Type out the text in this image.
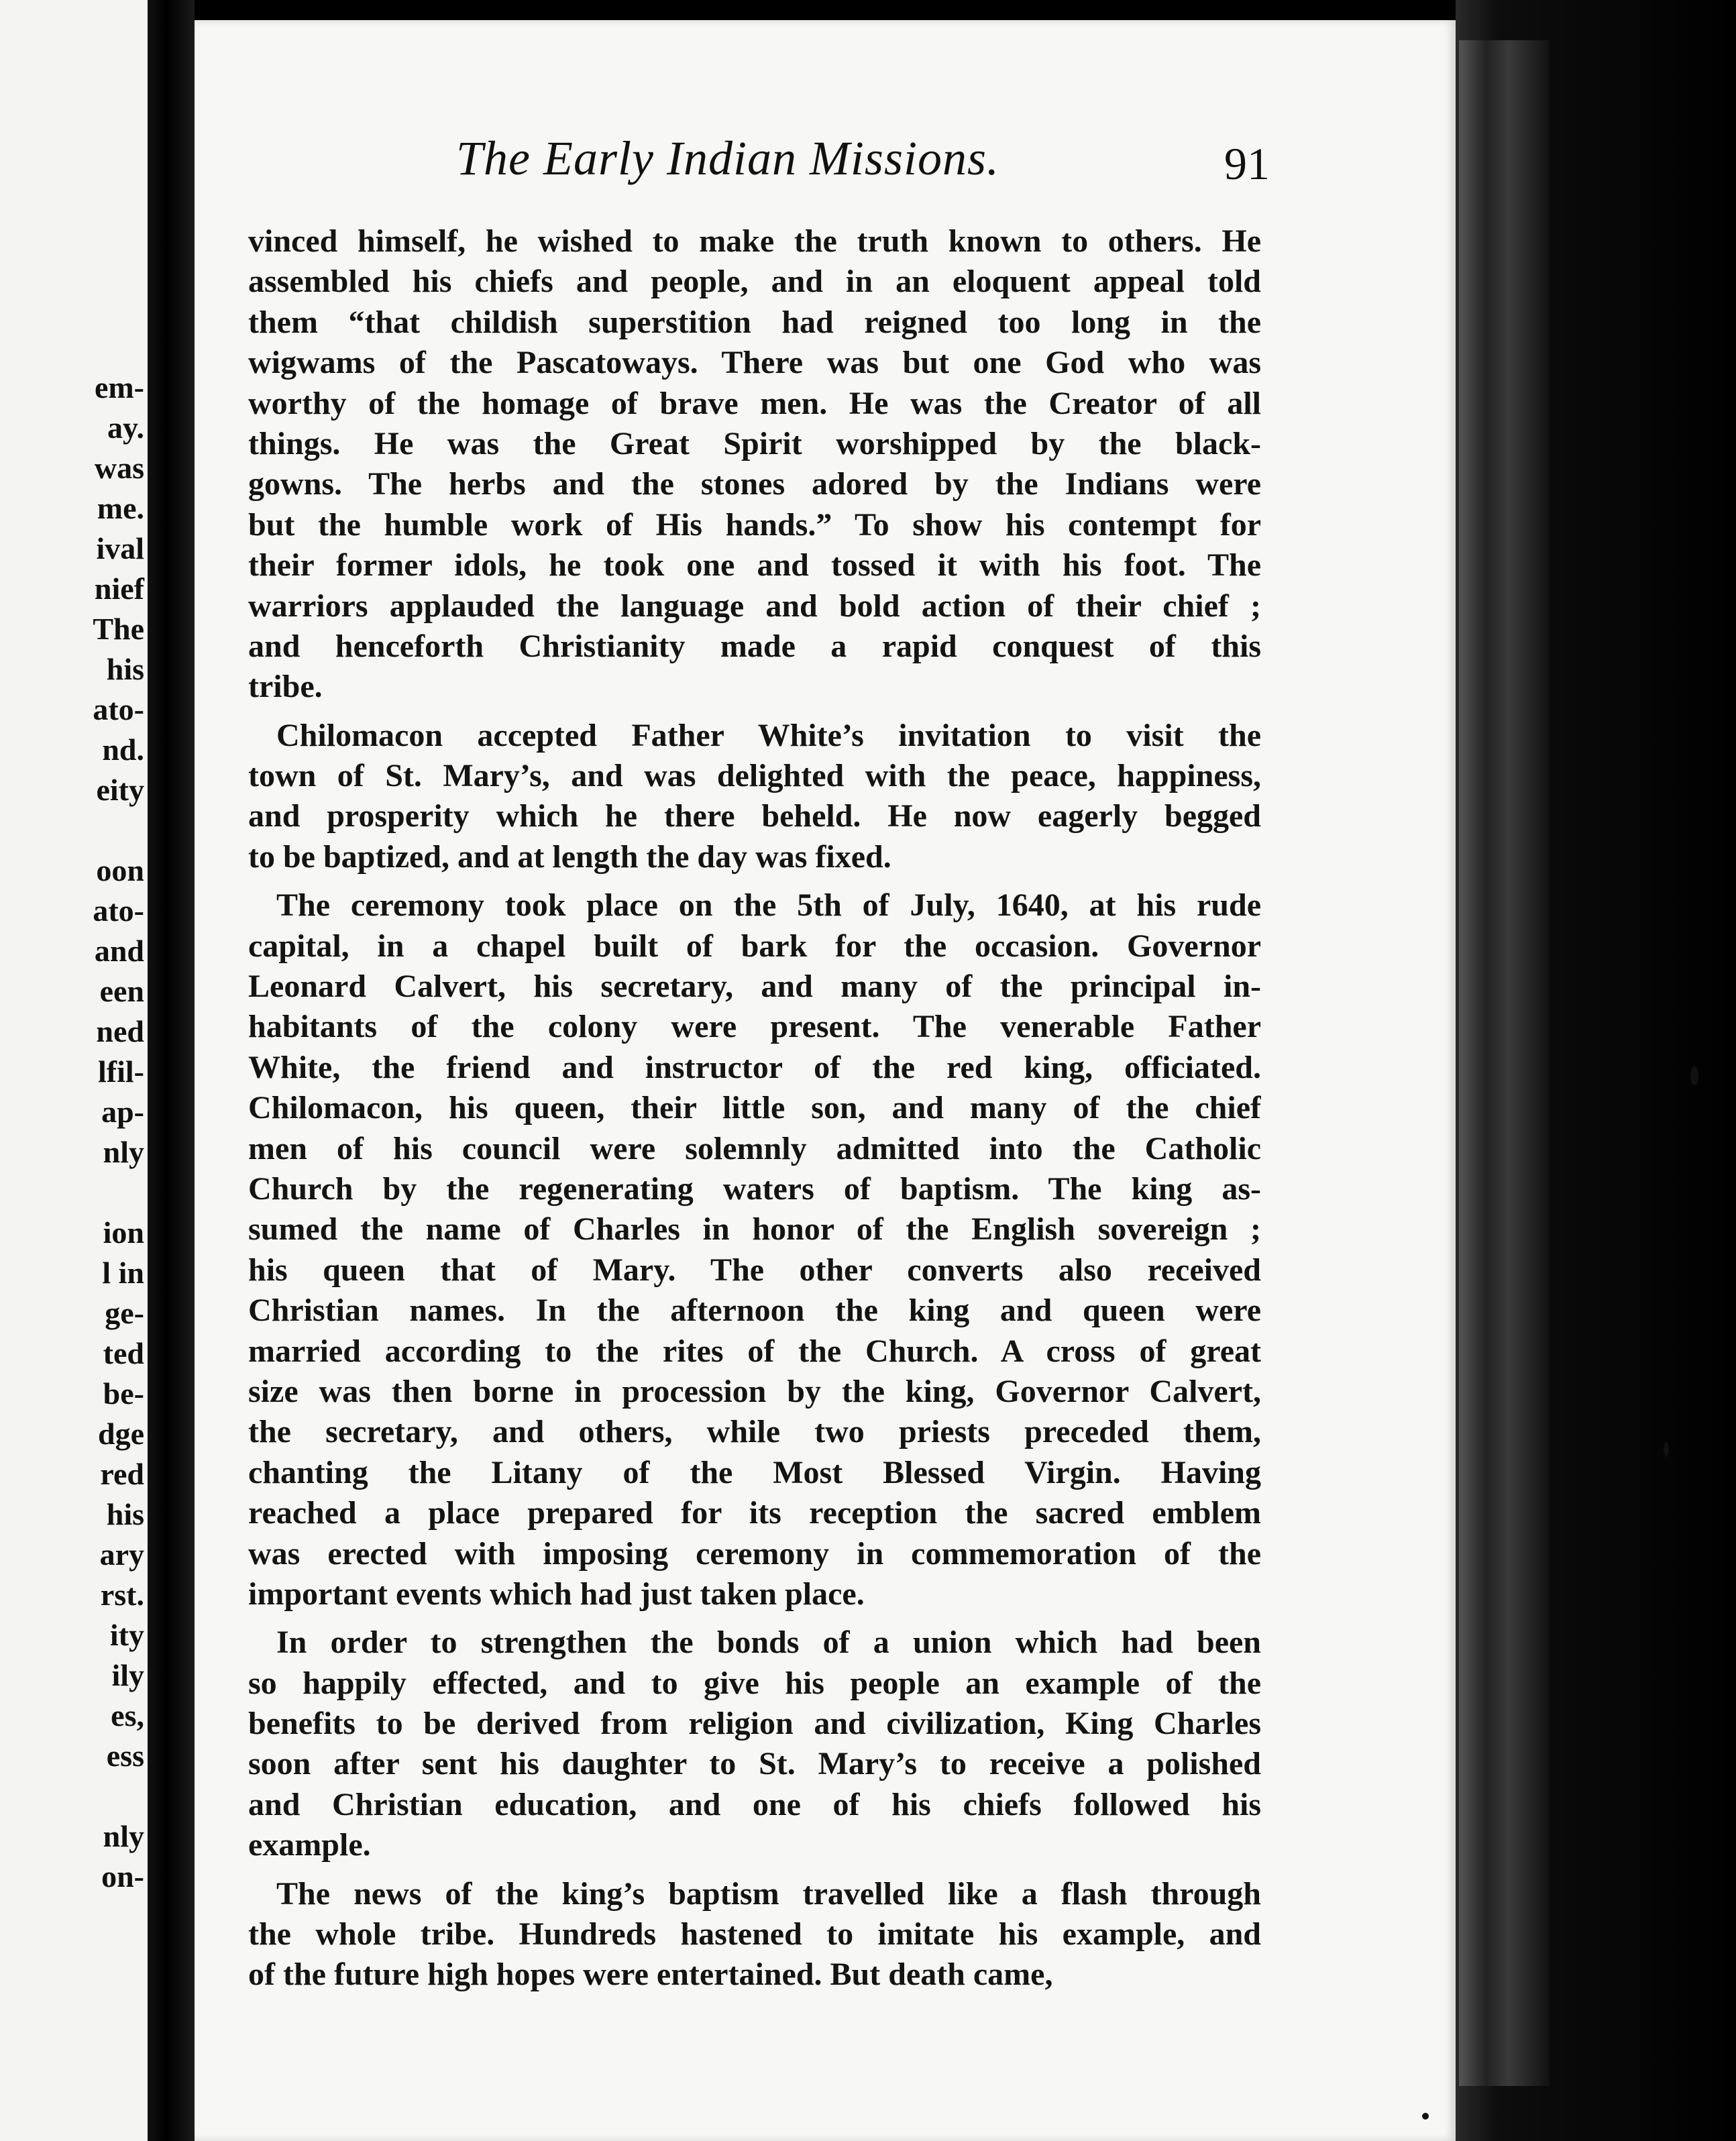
em-
ay.
was
me.
ival
nief
The
his
ato-
nd.
eity
oon
ato-
and
een
ned
lfil-
ap-
nly
ion
l in
ge-
ted
be-
dge
red
his
ary
rst.
ity
ily
es,
ess
nly
on-
The Early Indian Missions.	91
vinced himself, he wished to make the truth known to others. He
assembled his chiefs and people, and in an eloquent appeal told
them “that childish superstition had reigned too long in the
wigwams of the Pascatoways. There was but one God who was
worthy of the homage of brave men. He was the Creator of all
things. He was the Great Spirit worshipped by the black-
gowns. The herbs and the stones adored by the Indians were
but the humble work of His hands.” To show his contempt for
their former idols, he took one and tossed it with his foot. The
warriors applauded the language and bold action of their chief ;
and henceforth Christianity made a rapid conquest of this
tribe.
Chilomacon accepted Father White’s invitation to visit the
town of St. Mary’s, and was delighted with the peace, happiness,
and prosperity which he there beheld. He now eagerly begged
to be baptized, and at length the day was fixed.
The ceremony took place on the 5th of July, 1640, at his rude
capital, in a chapel built of bark for the occasion. Governor
Leonard Calvert, his secretary, and many of the principal in-
habitants of the colony were present. The venerable Father
White, the friend and instructor of the red king, officiated.
Chilomacon, his queen, their little son, and many of the chief
men of his council were solemnly admitted into the Catholic
Church by the regenerating waters of baptism. The king as-
sumed the name of Charles in honor of the English sovereign ;
his queen that of Mary. The other converts also received
Christian names. In the afternoon the king and queen were
married according to the rites of the Church. A cross of great
size was then borne in procession by the king, Governor Calvert,
the secretary, and others, while two priests preceded them,
chanting the Litany of the Most Blessed Virgin. Having
reached a place prepared for its reception the sacred emblem
was erected with imposing ceremony in commemoration of the
important events which had just taken place.
In order to strengthen the bonds of a union which had been
so happily effected, and to give his people an example of the
benefits to be derived from religion and civilization, King Charles
soon after sent his daughter to St. Mary’s to receive a polished
and Christian education, and one of his chiefs followed his
example.
The news of the king’s baptism travelled like a flash through
the whole tribe. Hundreds hastened to imitate his example, and
of the future high hopes were entertained. But death came,
